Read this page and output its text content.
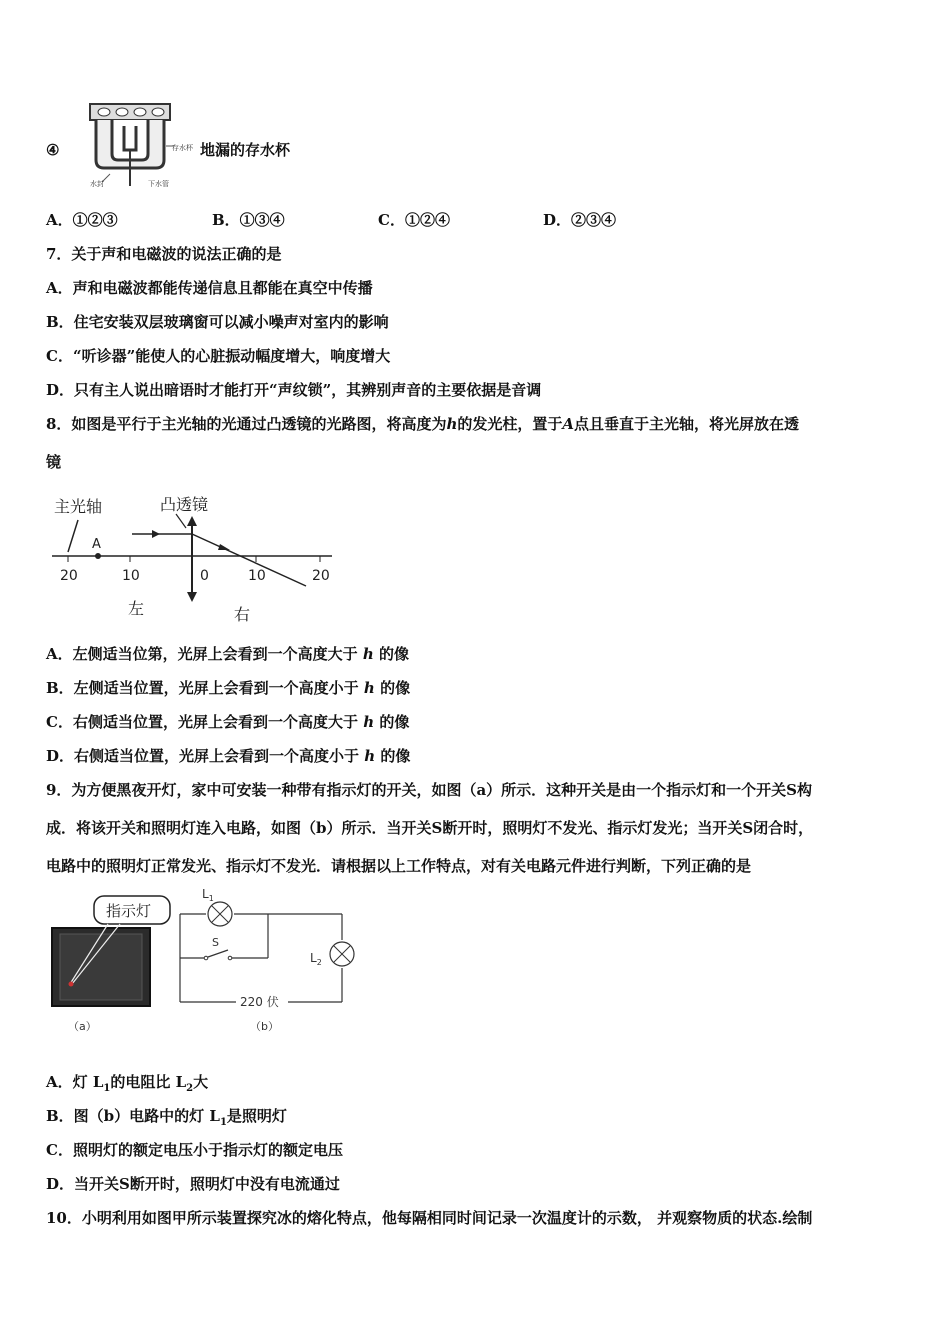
④	存水杯
水封	下水管
地漏的存水杯
A．①②③	B．①③④	C．①②④	D．②③④
7．关于声和电磁波的说法正确的是
A．声和电磁波都能传递信息且都能在真空中传播
B．住宅安装双层玻璃窗可以减小噪声对室内的影响
C．“听诊器”能使人的心脏振动幅度增大，响度增大
D．只有主人说出暗语时才能打开“声纹锁”，其辨别声音的主要依据是音调
8．如图是平行于主光轴的光通过凸透镜的光路图，将高度为h的发光柱，置于A点且垂直于主光轴，将光屏放在透
镜
主光轴	凸透镜
A
20	10	0	10	20
左	右
A．左侧适当位第，光屏上会看到一个高度大于 h 的像
B．左侧适当位置，光屏上会看到一个高度小于 h 的像
C．右侧适当位置，光屏上会看到一个高度大于 h 的像
D．右侧适当位置，光屏上会看到一个高度小于 h 的像
9．为方便黑夜开灯，家中可安装一种带有指示灯的开关，如图（a）所示．这种开关是由一个指示灯和一个开关S构
成．将该开关和照明灯连入电路，如图（b）所示．当开关S断开时，照明灯不发光、指示灯发光；当开关S闭合时，
电路中的照明灯正常发光、指示灯不发光．请根据以上工作特点，对有关电路元件进行判断，下列正确的是
指示灯
（a）
$L_1$
S
$L_2$
220 伏
（b）
A．灯 $L_1$的电阻比 $L_2$大
B．图（b）电路中的灯 $L_1$是照明灯
C．照明灯的额定电压小于指示灯的额定电压
D．当开关S断开时，照明灯中没有电流通过
10．小明利用如图甲所示装置探究冰的熔化特点，他每隔相同时间记录一次温度计的示数， 并观察物质的状态.绘制
